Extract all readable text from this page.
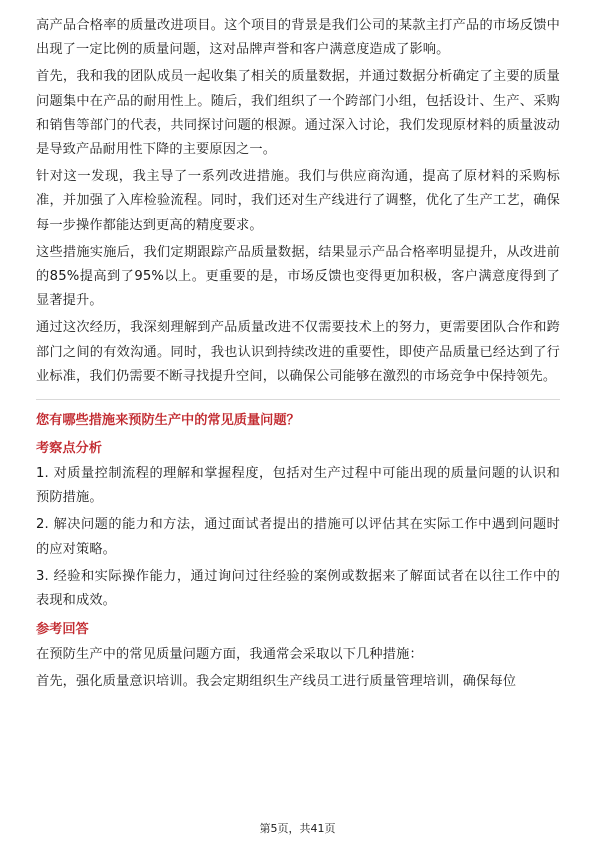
高产品合格率的质量改进项目。这个项目的背景是我们公司的某款主打产品的市场反馈中出现了一定比例的质量问题，这对品牌声誉和客户满意度造成了影响。

首先，我和我的团队成员一起收集了相关的质量数据，并通过数据分析确定了主要的质量问题集中在产品的耐用性上。随后，我们组织了一个跨部门小组，包括设计、生产、采购和销售等部门的代表，共同探讨问题的根源。通过深入讨论，我们发现原材料的质量波动是导致产品耐用性下降的主要原因之一。

针对这一发现，我主导了一系列改进措施。我们与供应商沟通，提高了原材料的采购标准，并加强了入库检验流程。同时，我们还对生产线进行了调整，优化了生产工艺，确保每一步操作都能达到更高的精度要求。

这些措施实施后，我们定期跟踪产品质量数据，结果显示产品合格率明显提升，从改进前的85%提高到了95%以上。更重要的是，市场反馈也变得更加积极，客户满意度得到了显著提升。

通过这次经历，我深刻理解到产品质量改进不仅需要技术上的努力，更需要团队合作和跨部门之间的有效沟通。同时，我也认识到持续改进的重要性，即使产品质量已经达到了行业标准，我们仍需要不断寻找提升空间，以确保公司能够在激烈的市场竞争中保持领先。

您有哪些措施来预防生产中的常见质量问题？
考察点分析

1. 对质量控制流程的理解和掌握程度，包括对生产过程中可能出现的质量问题的认识和预防措施。

2. 解决问题的能力和方法，通过面试者提出的措施可以评估其在实际工作中遇到问题时的应对策略。

3. 经验和实际操作能力，通过询问过往经验的案例或数据来了解面试者在以往工作中的表现和成效。

参考回答

在预防生产中的常见质量问题方面，我通常会采取以下几种措施：

首先，强化质量意识培训。我会定期组织生产线员工进行质量管理培训，确保每位

第5页，共41页
